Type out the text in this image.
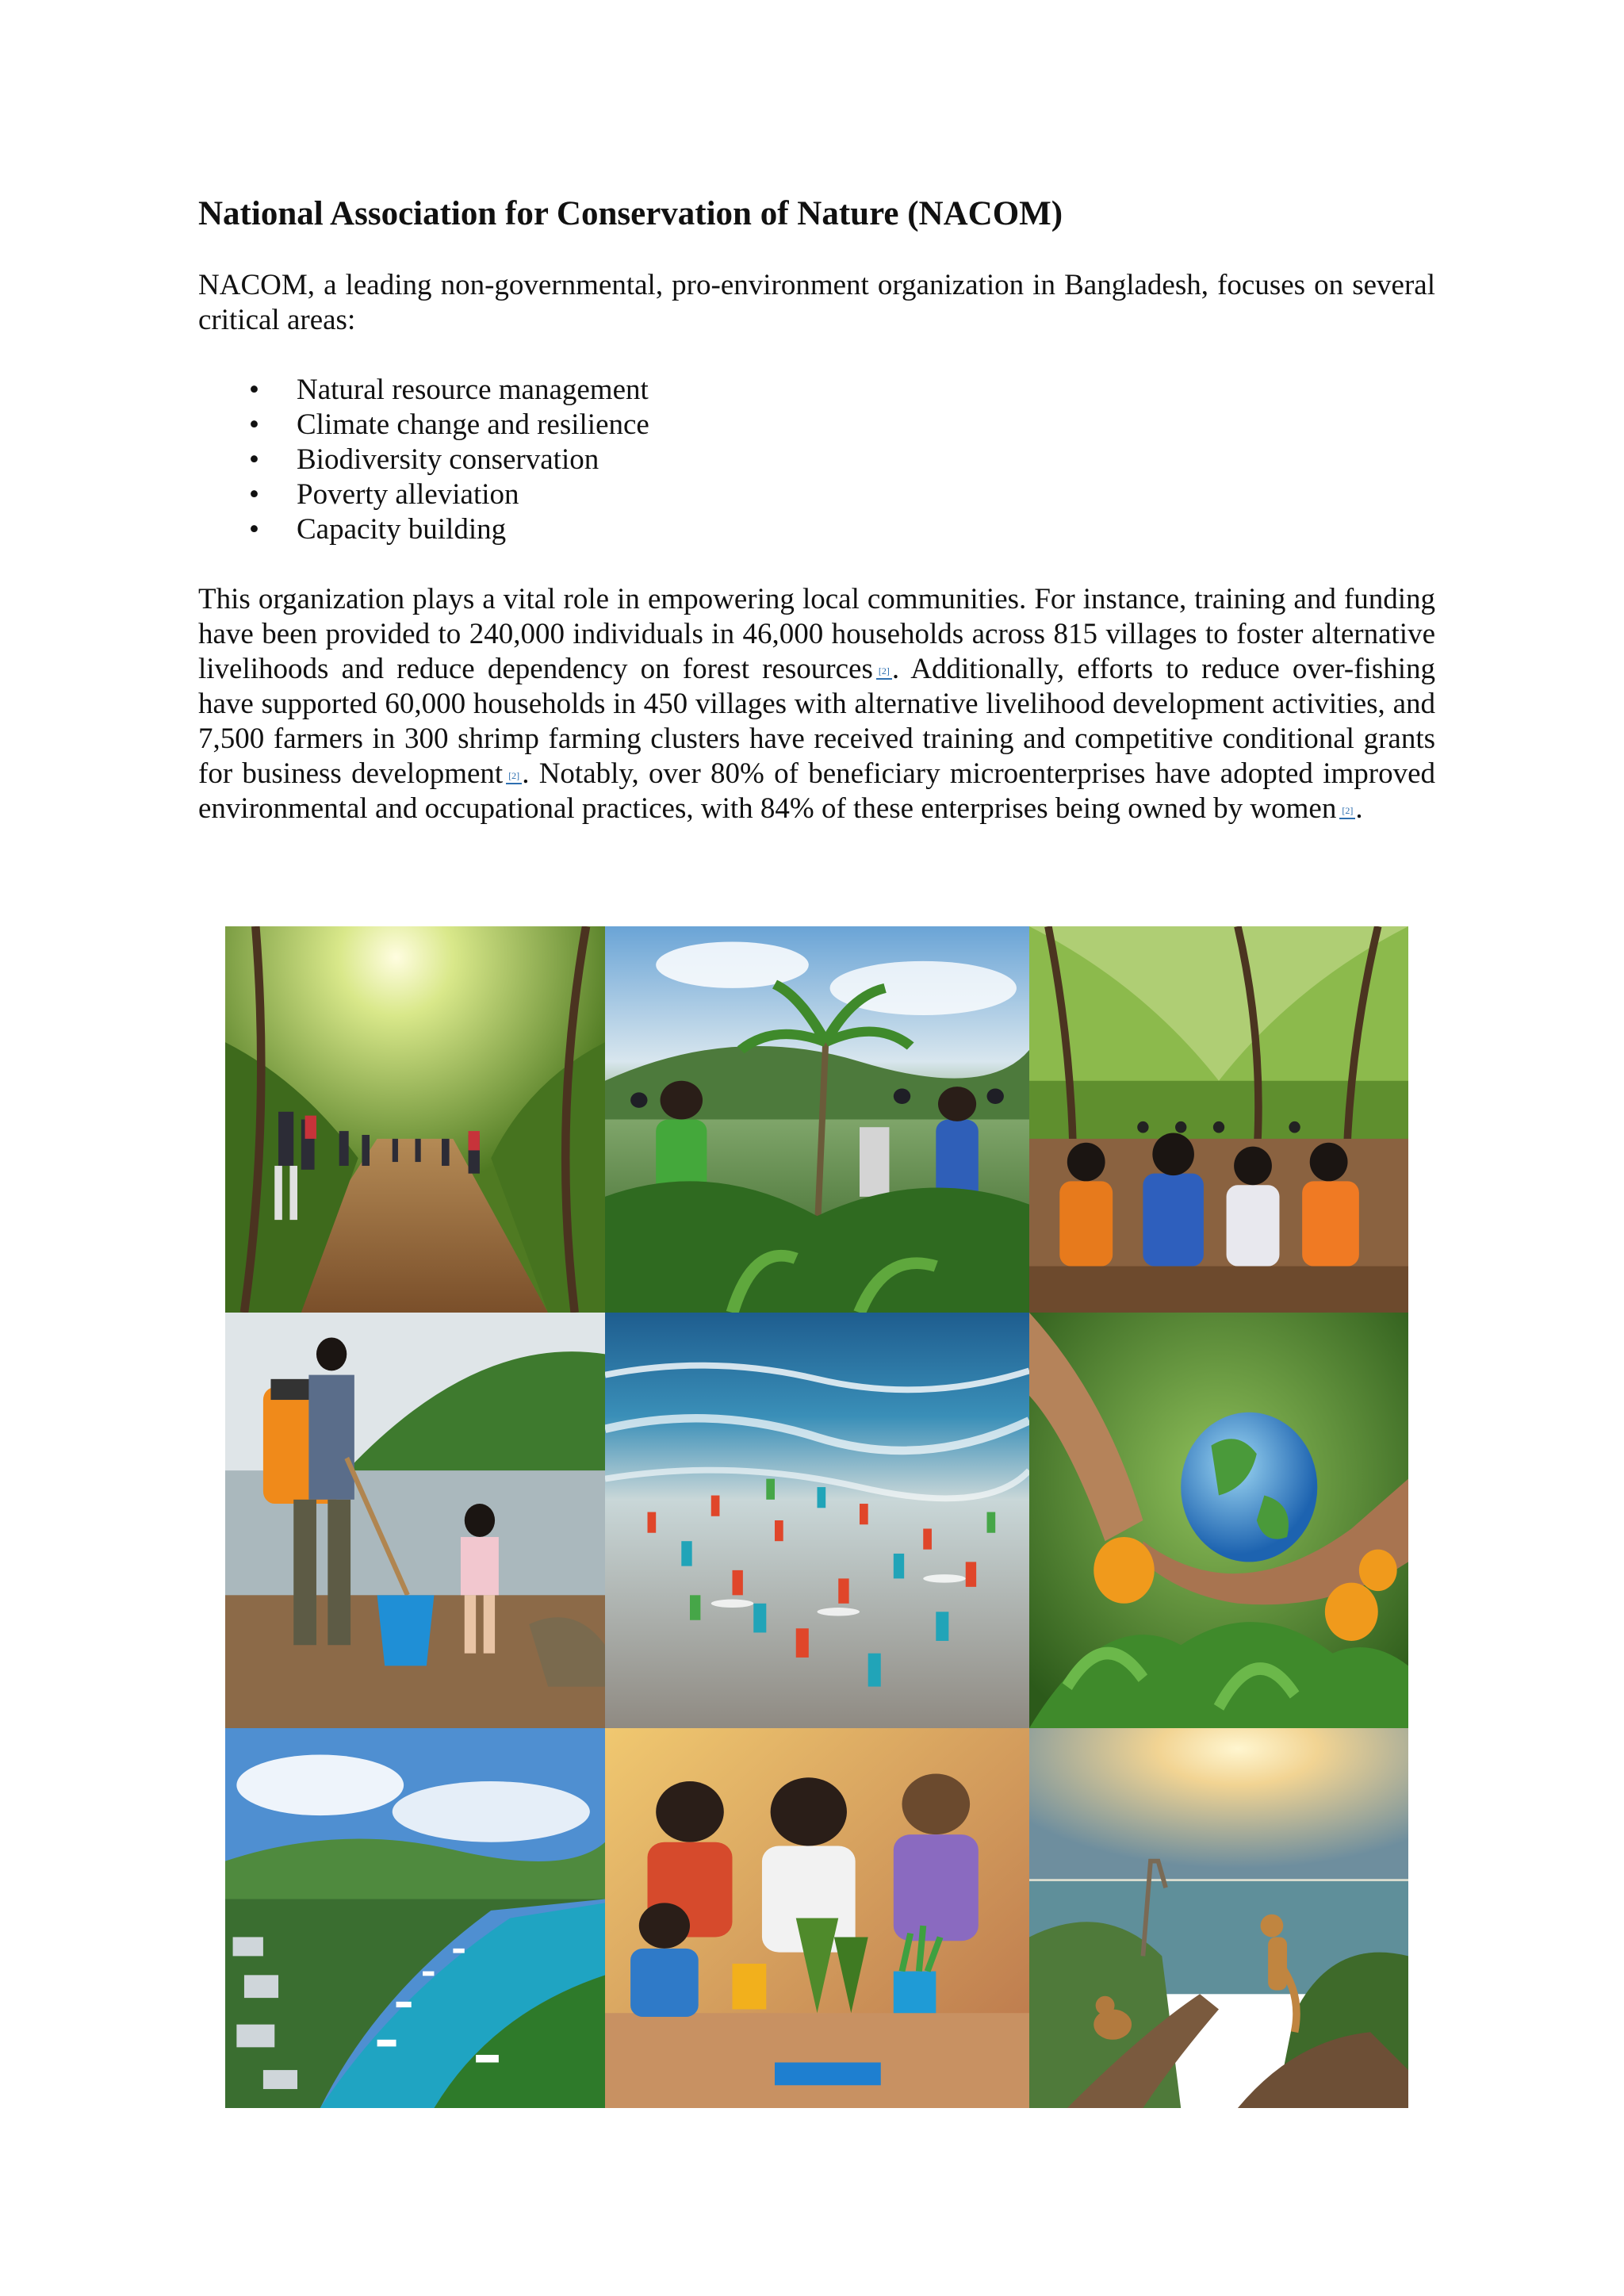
National Association for Conservation of Nature (NACOM)

NACOM, a leading non-governmental, pro-environment organization in Bangladesh, focuses on several critical areas:

• Natural resource management
• Climate change and resilience
• Biodiversity conservation
• Poverty alleviation
• Capacity building

This organization plays a vital role in empowering local communities. For instance, training and funding have been provided to 240,000 individuals in 46,000 households across 815 villages to foster alternative livelihoods and reduce dependency on forest resources [2]. Additionally, efforts to reduce over-fishing have supported 60,000 households in 450 villages with alternative livelihood development activities, and 7,500 farmers in 300 shrimp farming clusters have received training and competitive conditional grants for business development [2]. Notably, over 80% of beneficiary microenterprises have adopted improved environmental and occupational practices, with 84% of these enterprises being owned by women [2].
